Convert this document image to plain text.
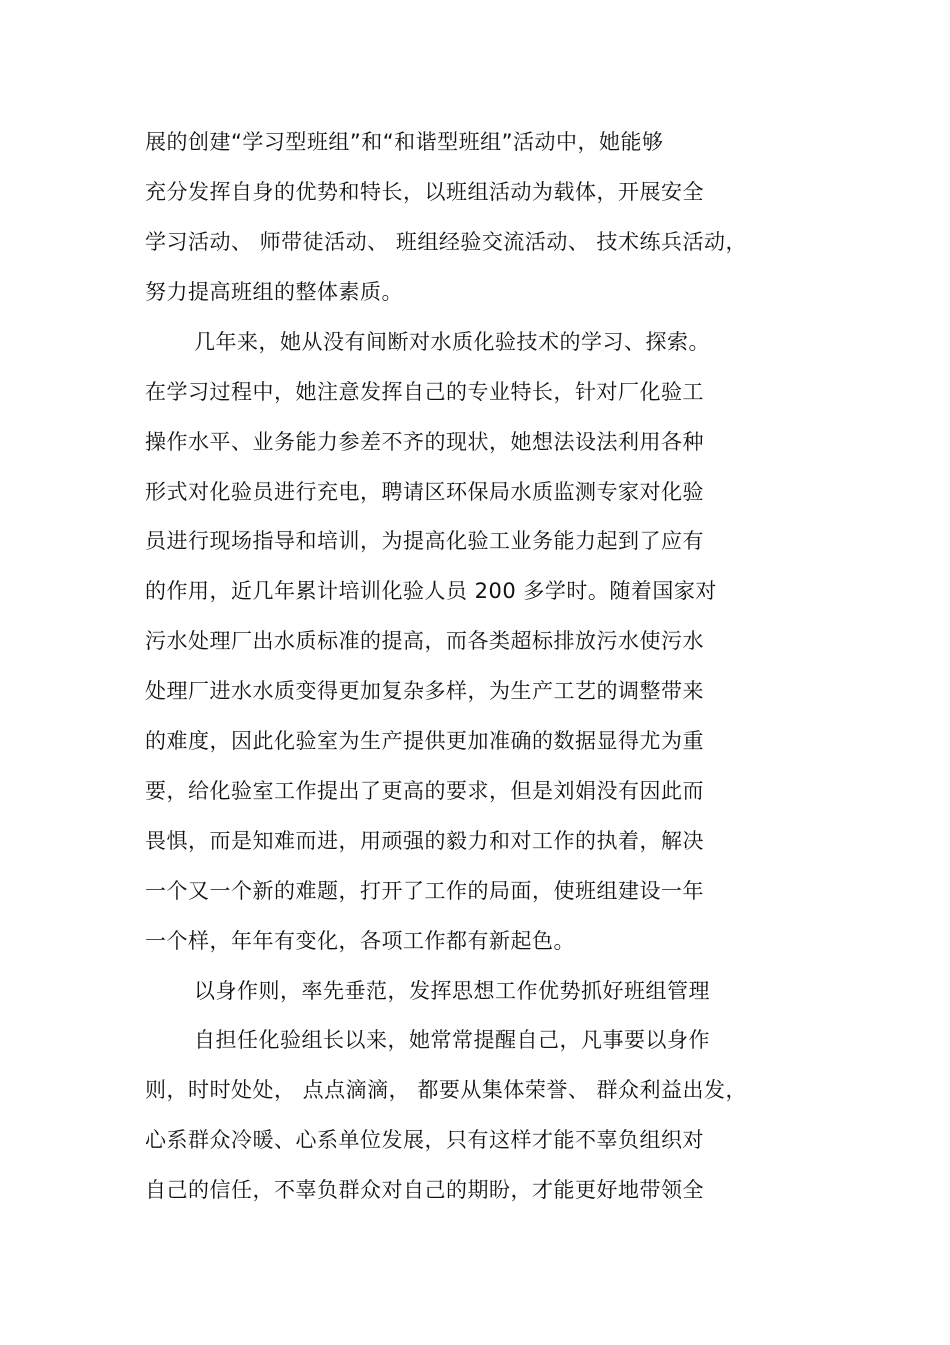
展的创建“学习型班组”和“和谐型班组”活动中，她能够
充分发挥自身的优势和特长，以班组活动为载体，开展安全
学习活动、 师带徒活动、 班组经验交流活动、 技术练兵活动，
努力提高班组的整体素质。
几年来，她从没有间断对水质化验技术的学习、探索。
在学习过程中，她注意发挥自己的专业特长，针对厂化验工
操作水平、业务能力参差不齐的现状，她想法设法利用各种
形式对化验员进行充电，聘请区环保局水质监测专家对化验
员进行现场指导和培训，为提高化验工业务能力起到了应有
的作用，近几年累计培训化验人员 200 多学时。随着国家对
污水处理厂出水质标准的提高，而各类超标排放污水使污水
处理厂进水水质变得更加复杂多样，为生产工艺的调整带来
的难度，因此化验室为生产提供更加准确的数据显得尤为重
要，给化验室工作提出了更高的要求，但是刘娟没有因此而
畏惧，而是知难而进，用顽强的毅力和对工作的执着，解决
一个又一个新的难题，打开了工作的局面，使班组建设一年
一个样，年年有变化，各项工作都有新起色。
以身作则，率先垂范，发挥思想工作优势抓好班组管理
自担任化验组长以来，她常常提醒自己，凡事要以身作
则，时时处处， 点点滴滴， 都要从集体荣誉、 群众利益出发，
心系群众冷暖、心系单位发展，只有这样才能不辜负组织对
自己的信任，不辜负群众对自己的期盼，才能更好地带领全
